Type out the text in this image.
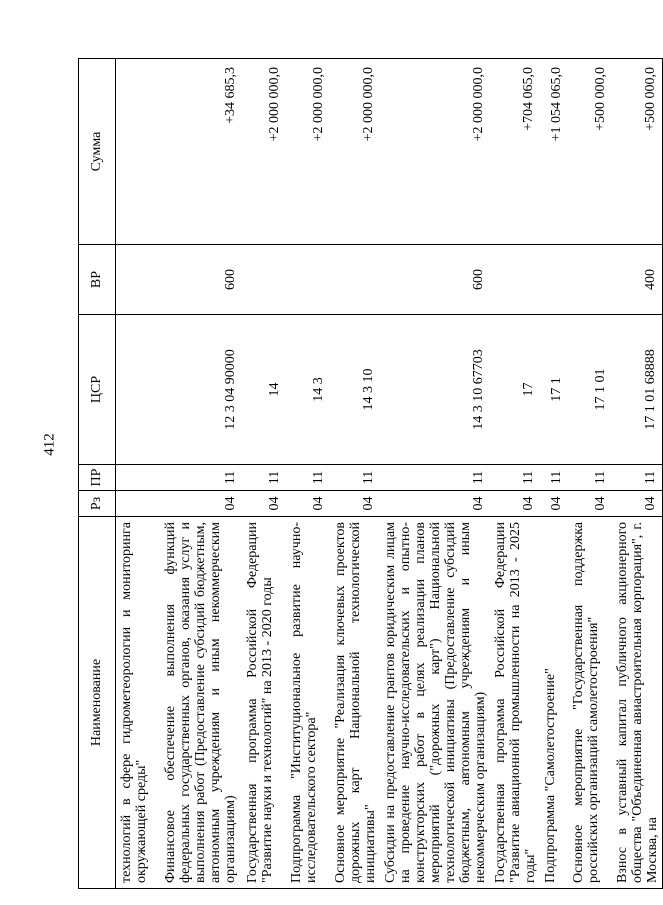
412
Наименование	Рз	ПР	ЦСР	ВР	Сумма
технологий в сфере гидрометеорологии и мониторинга окружающей среды"					
Финансовое обеспечение выполнения функций федеральных государственных органов, оказания услуг и выполнения работ (Предоставление субсидий бюджетным, автономным учреждениям и иным некоммерческим организациям)	04	11	12 3 04 90000	600	+34 685,3
Государственная программа Российской Федерации "Развитие науки и технологий" на 2013 - 2020 годы	04	11	14		+2 000 000,0
Подпрограмма "Институциональное развитие научно-исследовательского сектора"	04	11	14 3		+2 000 000,0
Основное мероприятие "Реализация ключевых проектов дорожных карт Национальной технологической инициативы"	04	11	14 3 10		+2 000 000,0
Субсидии на предоставление грантов юридическим лицам на проведение научно-исследовательских и опытно-конструкторских работ в целях реализации планов мероприятий ("дорожных карт") Национальной технологической инициативы (Предоставление субсидий бюджетным, автономным учреждениям и иным некоммерческим организациям)	04	11	14 3 10 67703	600	+2 000 000,0
Государственная программа Российской Федерации "Развитие авиационной промышленности на 2013 - 2025 годы"	04	11	17		+704 065,0
Подпрограмма "Самолетостроение"	04	11	17 1		+1 054 065,0
Основное мероприятие "Государственная поддержка российских организаций самолетостроения"	04	11	17 1 01		+500 000,0
Взнос в уставный капитал публичного акционерного общества "Объединенная авиастроительная корпорация", г. Москва, на	04	11	17 1 01 68888	400	+500 000,0
